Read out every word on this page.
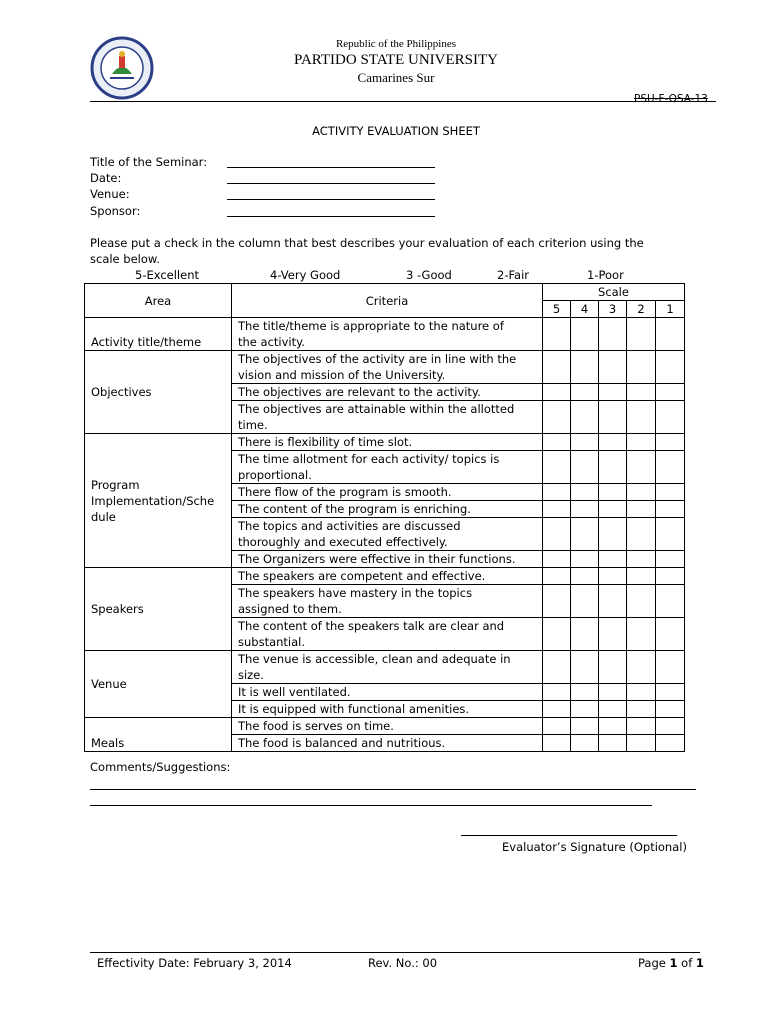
Republic of the Philippines
PARTIDO STATE UNIVERSITY
Camarines Sur
PSU-F-OSA-13
ACTIVITY EVALUATION SHEET
Title of the Seminar:
Date:
Venue:
Sponsor:
Please put a check in the column that best describes your evaluation of each criterion using the
scale below.
5-Excellent	4-Very Good	3 -Good	2-Fair	1-Poor
Area	Criteria	Scale				
		5	4	3	2	1

Activity title/theme	The title/theme is appropriate to the nature of
the activity.					

Objectives	The objectives of the activity are in line with the
vision and mission of the University.					

	The objectives are relevant to the activity.					

	The objectives are attainable within the allotted
time.					

Program
Implementation/Sche
dule	There is flexibility of time slot.					

	The time allotment for each activity/ topics is
proportional.					

	There flow of the program is smooth.					

	The content of the program is enriching.					

	The topics and activities are discussed
thoroughly and executed effectively.					

	The Organizers were effective in their functions.					

Speakers	The speakers are competent and effective.					

	The speakers have mastery in the topics
assigned to them.					

	The content of the speakers talk are clear and
substantial.					

Venue	The venue is accessible, clean and adequate in
size.					

	It is well ventilated.					

	It is equipped with functional amenities.					

Meals	The food is serves on time.					

	The food is balanced and nutritious.					

Comments/Suggestions:
Evaluator’s Signature (Optional)
Effectivity Date: February 3, 2014	Rev. No.: 00	Page 1 of 1
